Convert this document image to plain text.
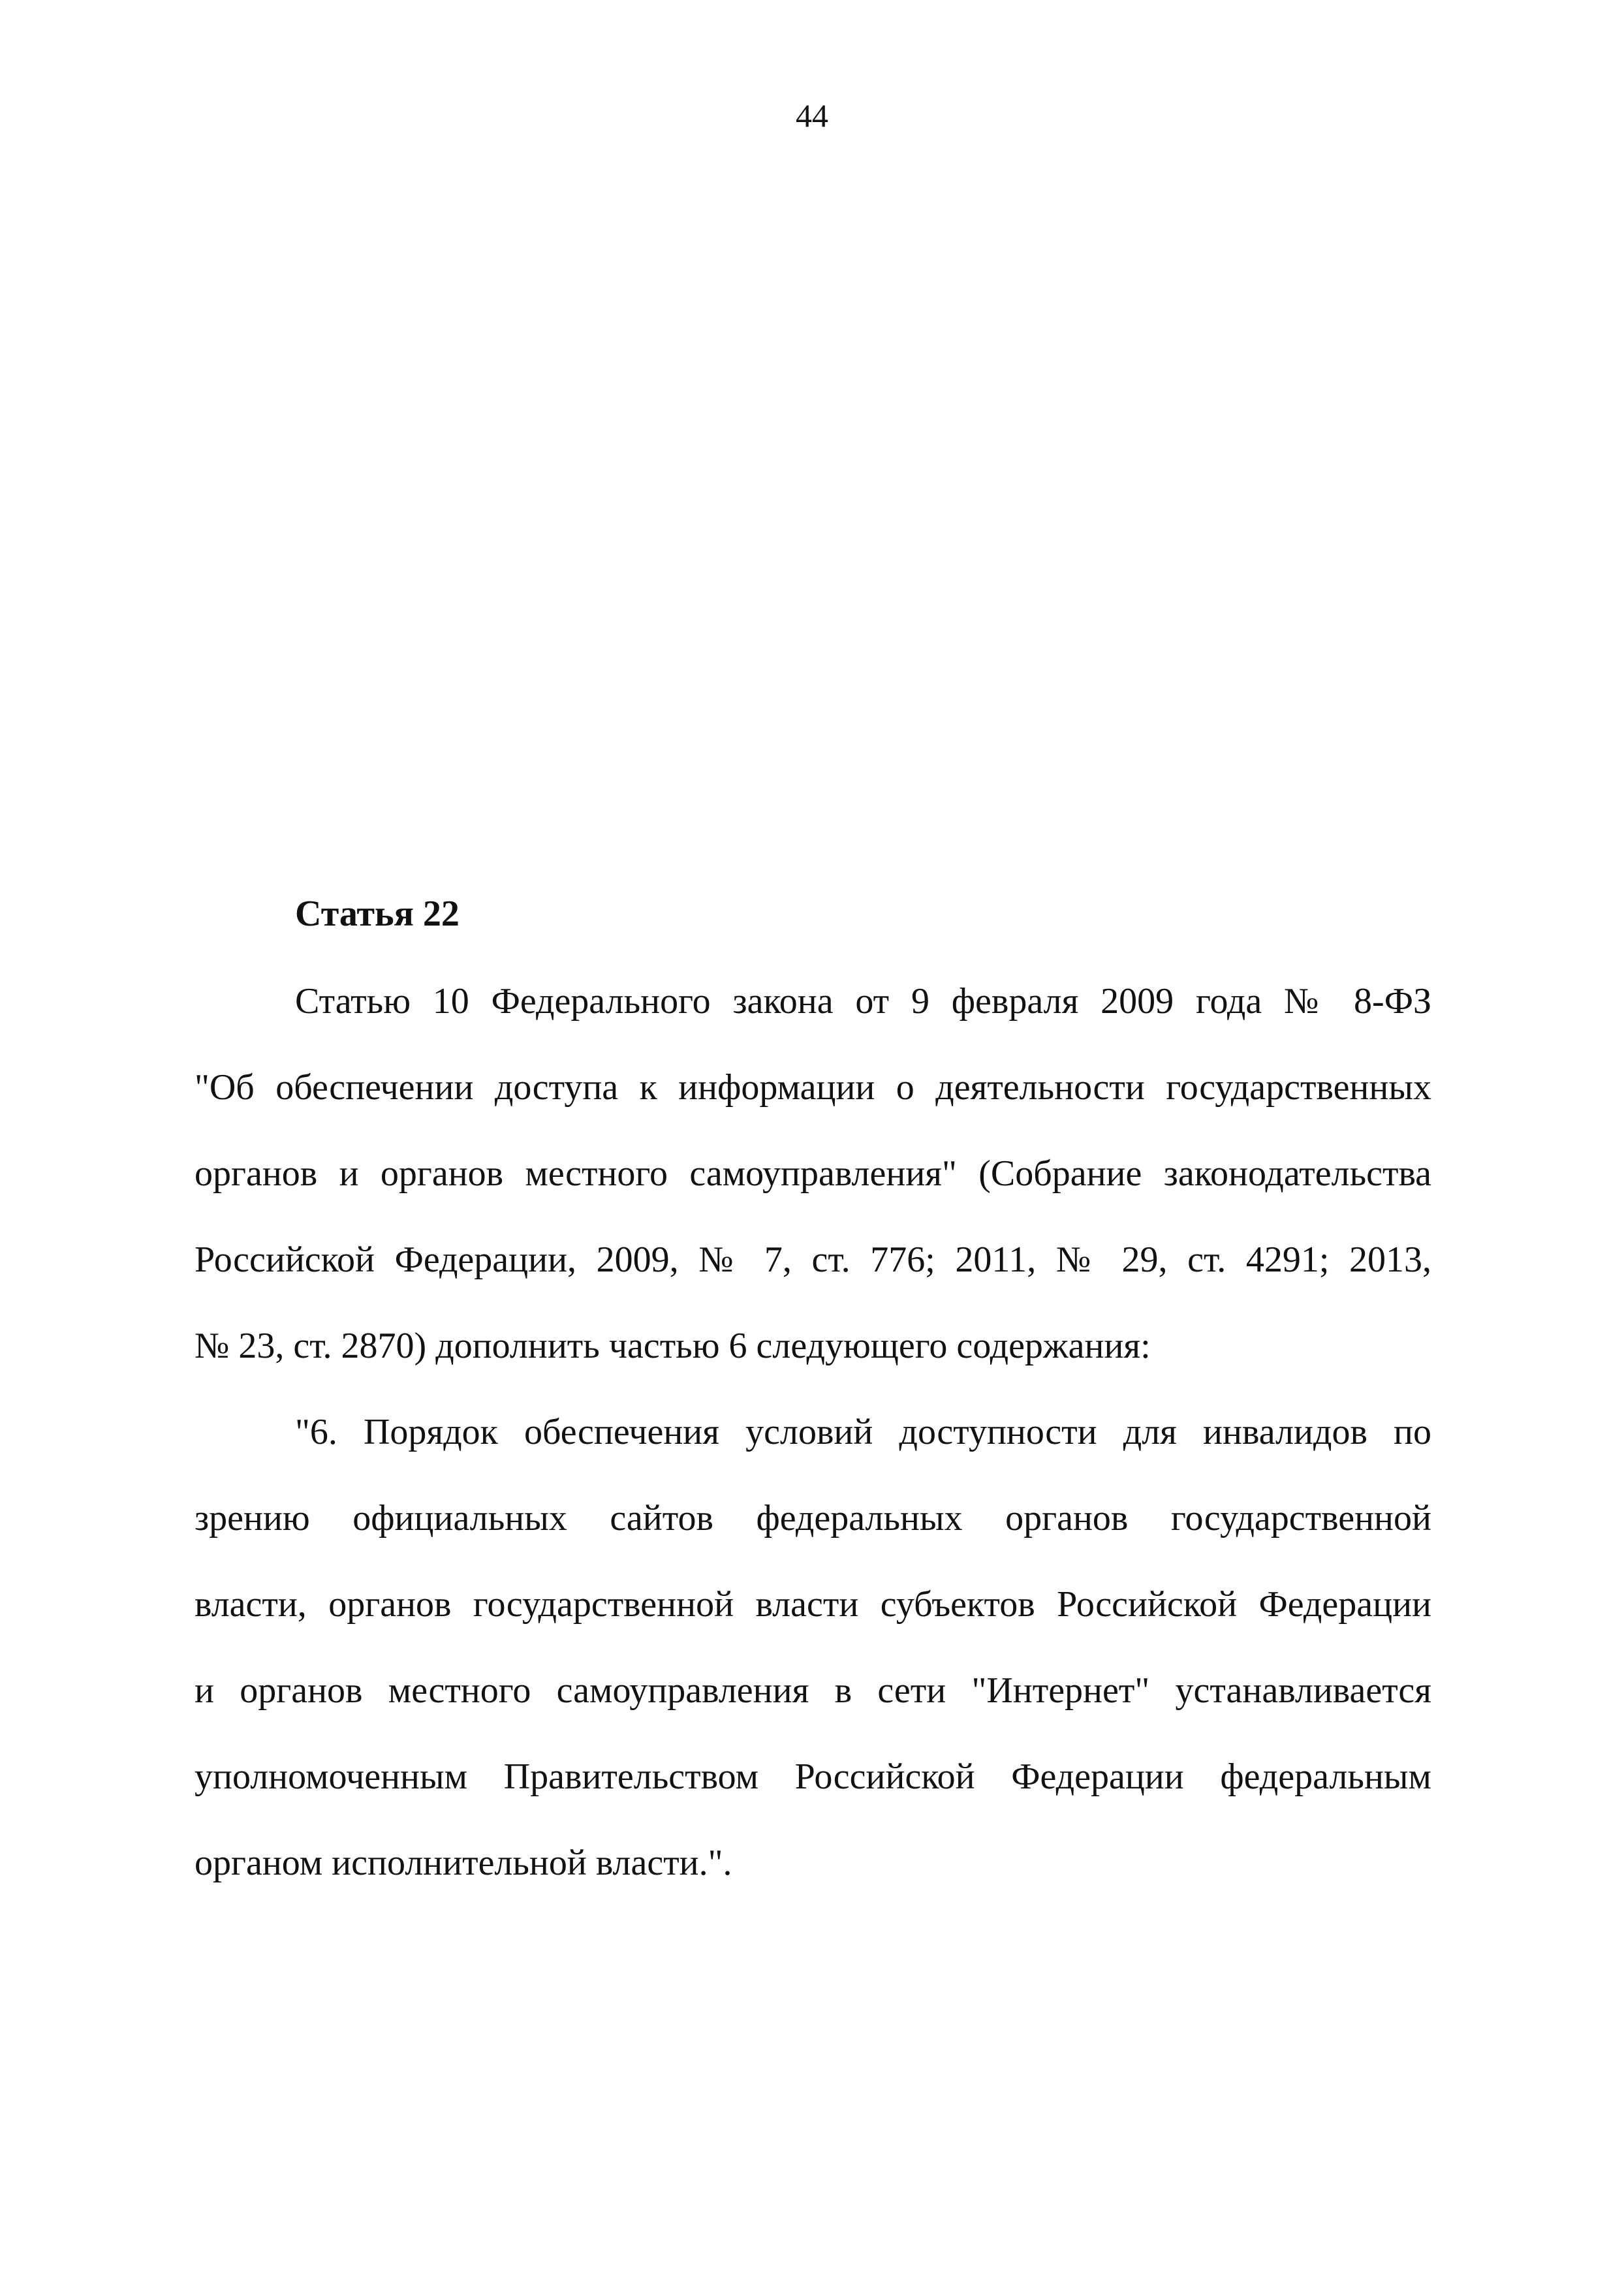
44
Статья 22
Статью 10 Федерального закона от 9 февраля 2009 года № 8-ФЗ
"Об обеспечении доступа к информации о деятельности государственных
органов и органов местного самоуправления" (Собрание законодательства
Российской Федерации, 2009, № 7, ст. 776; 2011, № 29, ст. 4291; 2013,
№ 23, ст. 2870) дополнить частью 6 следующего содержания:
"6. Порядок обеспечения условий доступности для инвалидов по
зрению официальных сайтов федеральных органов государственной
власти, органов государственной власти субъектов Российской Федерации
и органов местного самоуправления в сети "Интернет" устанавливается
уполномоченным Правительством Российской Федерации федеральным
органом исполнительной власти.".
